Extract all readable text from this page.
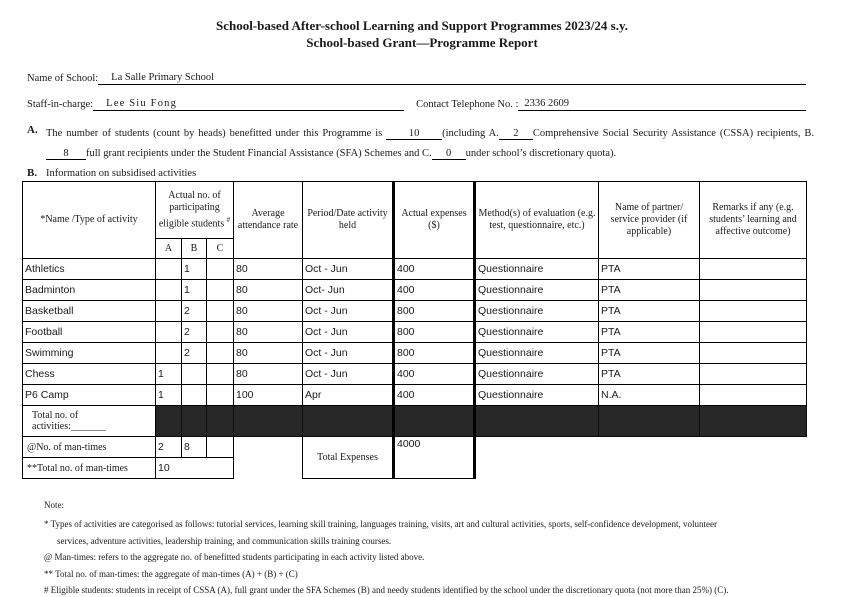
School-based After-school Learning and Support Programmes 2023/24 s.y.
School-based Grant—Programme Report
Name of School:	La Salle Primary School
Staff-in-charge:	Lee Siu Fong	Contact Telephone No. : 2336 2609
A. The number of students (count by heads) benefitted under this Programme is	10 (including A. 2 Comprehensive Social Security Assistance (CSSA) recipients, B.8 full grant recipients under the Student Financial Assistance (SFA) Schemes and C. 0 under school’s discretionary quota).

B. Information on subsidised activities
*Name /Type of activity	Actual no. of participating eligible students #			Average attendance rate	Period/Date activity held	Actual expenses ($)	Method(s) of evaluation (e.g. test, questionnaire, etc.)	Name of partner/ service provider (if applicable)	Remarks if any (e.g. students’ learning and affective outcome)
	A	B	C						
Athletics		1		80	Oct - Jun	400	Questionnaire	PTA	
Badminton		1		80	Oct- Jun	400	Questionnaire	PTA	
Basketball		2		80	Oct - Jun	800	Questionnaire	PTA	
Football		2		80	Oct - Jun	800	Questionnaire	PTA	
Swimming		2		80	Oct - Jun	800	Questionnaire	PTA	
Chess	1			80	Oct - Jun	400	Questionnaire	PTA	
P6 Camp	1			100	Apr	400	Questionnaire	N.A.	
Total no. of activities:_______									
@No. of man-times	2	8			Total Expenses	4000			
**Total no. of man-times	10								
Note:
* Types of activities are categorised as follows: tutorial services, learning skill training, languages training, visits, art and cultural activities, sports, self-confidence development, volunteer
services, adventure activities, leadership training, and communication skills training courses.
@ Man-times: refers to the aggregate no. of benefitted students participating in each activity listed above.
** Total no. of man-times: the aggregate of man-times (A) + (B) + (C)
# Eligible students: students in receipt of CSSA (A), full grant under the SFA Schemes (B) and needy students identified by the school under the discretionary quota (not more than 25%) (C).
